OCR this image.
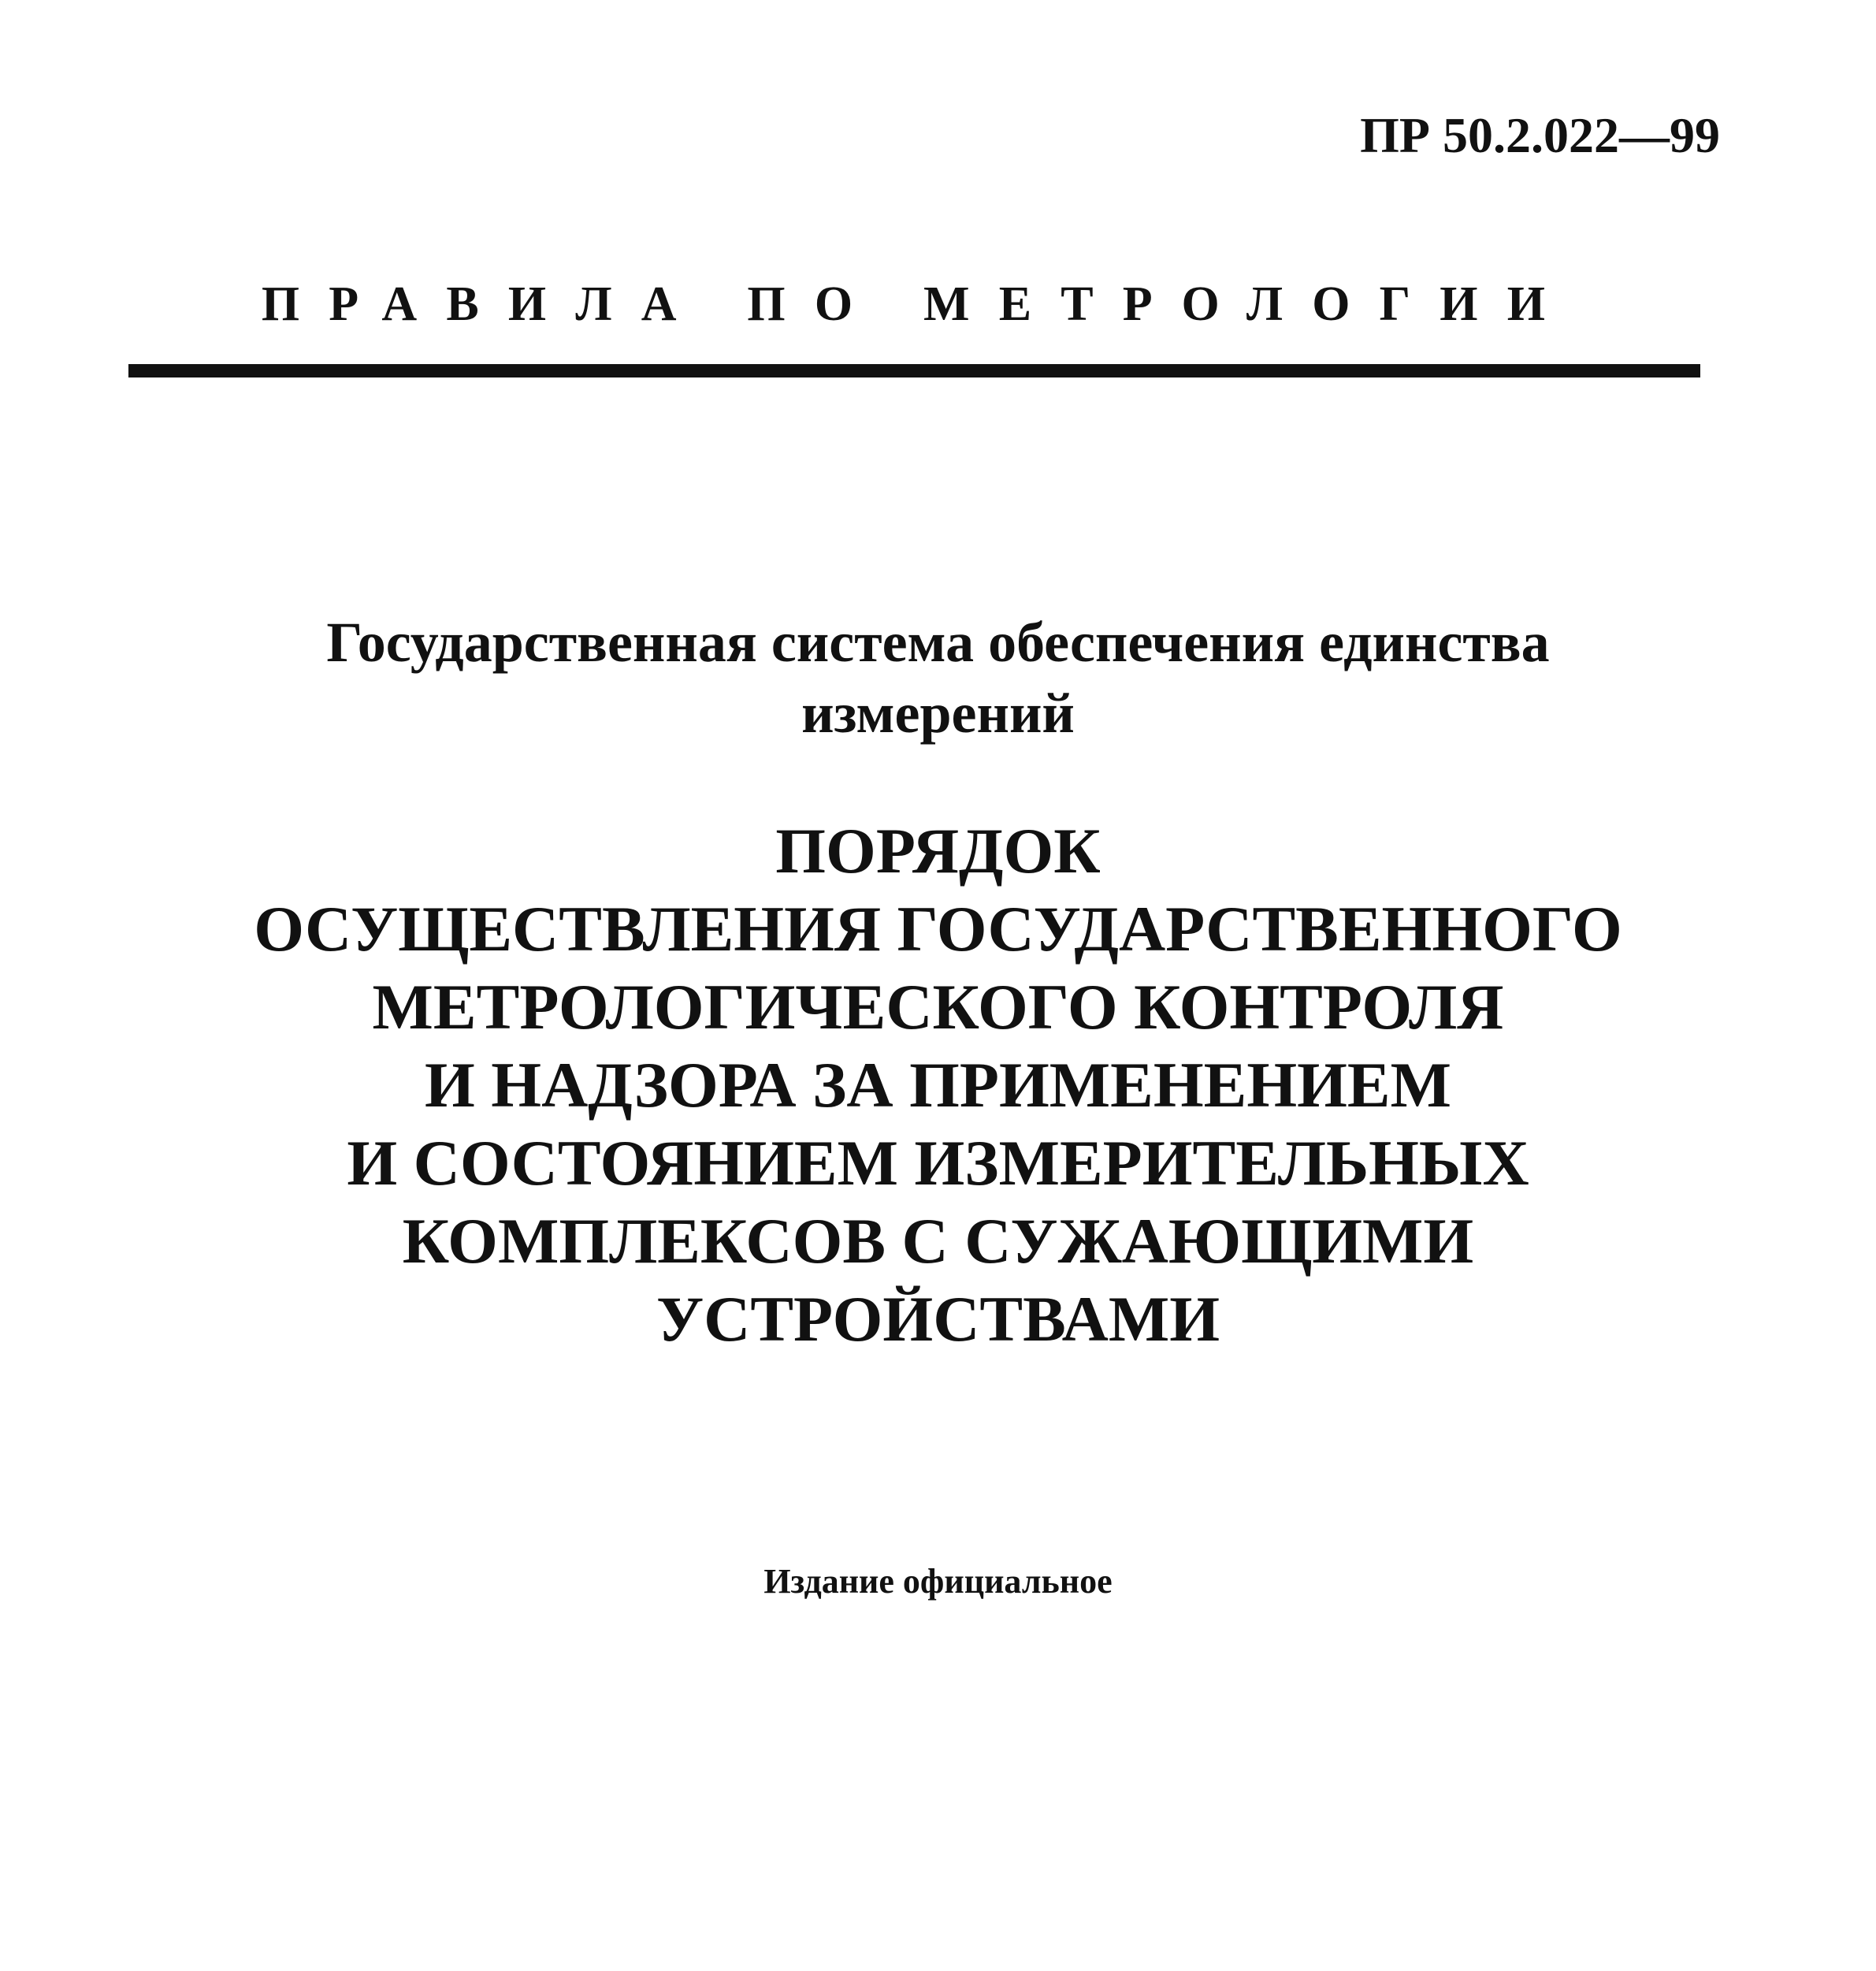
ПР 50.2.022—99
ПРАВИЛА ПО МЕТРОЛОГИИ
Государственная система обеспечения единства
измерений
ПОРЯДОК
ОСУЩЕСТВЛЕНИЯ ГОСУДАРСТВЕННОГО
МЕТРОЛОГИЧЕСКОГО КОНТРОЛЯ
И НАДЗОРА ЗА ПРИМЕНЕНИЕМ
И СОСТОЯНИЕМ ИЗМЕРИТЕЛЬНЫХ
КОМПЛЕКСОВ С СУЖАЮЩИМИ
УСТРОЙСТВАМИ
Издание официальное
